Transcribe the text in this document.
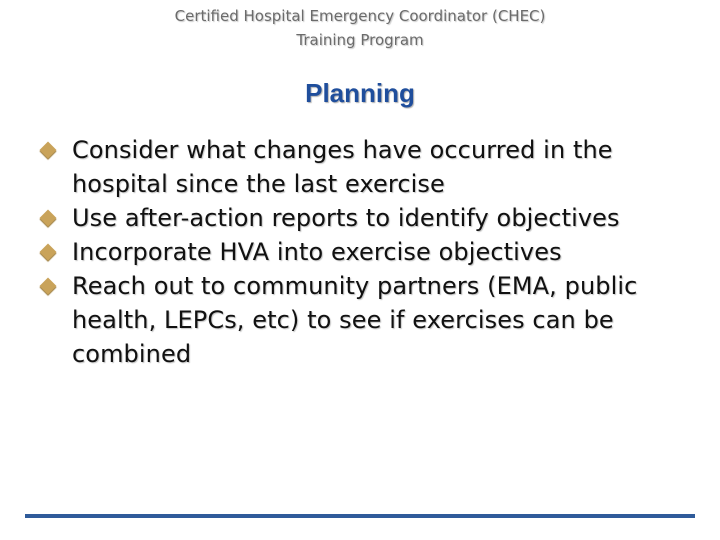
Certified Hospital Emergency Coordinator (CHEC)
Training Program
Planning
Consider what changes have occurred in the hospital since the last exercise
Use after-action reports to identify objectives
Incorporate HVA into exercise objectives
Reach out to community partners (EMA, public health, LEPCs, etc) to see if exercises can be combined
